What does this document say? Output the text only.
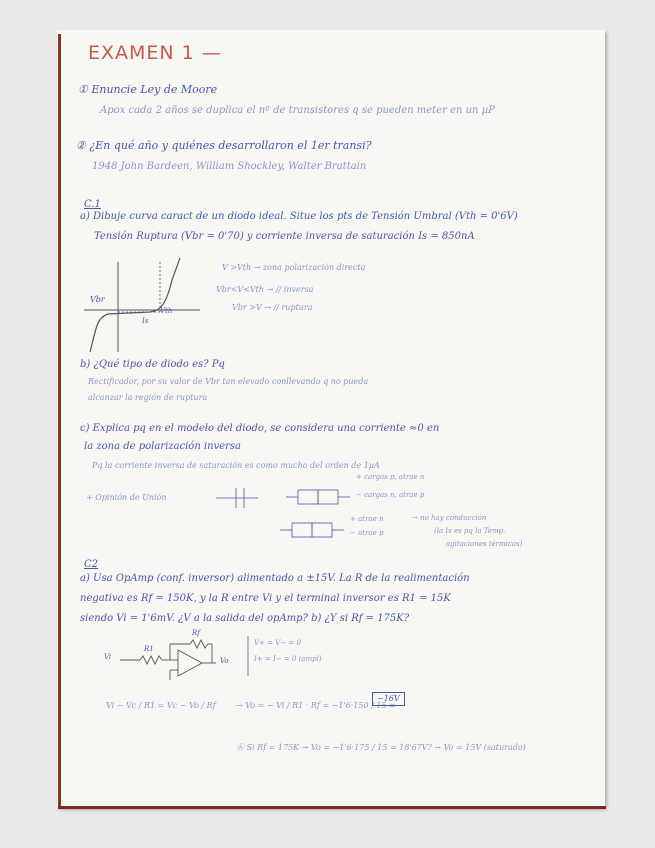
EXAMEN 1 —
① Enuncie Ley de Moore
Apox cada 2 años se duplica el nº de transistores q se pueden meter en un µP
② ¿En qué año y quiénes desarrollaron el 1er transi?
1948 John Bardeen, William Shockley, Walter Brattain
C.1
a) Dibuje curva caract de un diodo ideal. Situe los pts de Tensión Umbral (Vth = 0'6V)
Tensión Ruptura (Vbr = 0'70) y corriente inversa de saturación Is = 850nA
Vbr
Vth
Is
V >Vth → zona polarización directa
Vbr<V<Vth → // inversa
Vbr >V → // ruptura
b) ¿Qué tipo de diodo es? Pq
Rectificador, por su valor de Vbr tan elevado conllevando q no pueda
alcanzar la región de ruptura
c) Explica pq en el modelo del diodo, se considera una corriente ≈0 en
la zona de polarización inversa
Pq la corriente inversa de saturación es como mucho del orden de 1µA
+ Opinión de Unión
+ cargas p, atrae n
− cargas n, atrae p
+ atrae n
− atrae p
→ no hay conducción
(la Is es pq la Temp.
agitaciones térmicas)
C2
a) Usa OpAmp (conf. inversor) alimentado a ±15V. La R de la realimentación
negativa es Rf = 150K, y la R entre Vi y el terminal inversor es R1 = 15K
siendo Vi = 1'6mV. ¿V a la salida del opAmp? b) ¿Y si Rf = 175K?
Vi
R1
Rf
Vo
V+ = V− = 0
I+ = I− = 0 (ampl)
Vi − Vc / R1 = Vc − Vo / Rf	→ Vo = − Vi / R1 · Rf = −1'6·150 / 15 =
−16V
ⓑ Si Rf = 175K → Vo = −1'6·175 / 15 = 18'67V? → Vo = 15V (saturado)
